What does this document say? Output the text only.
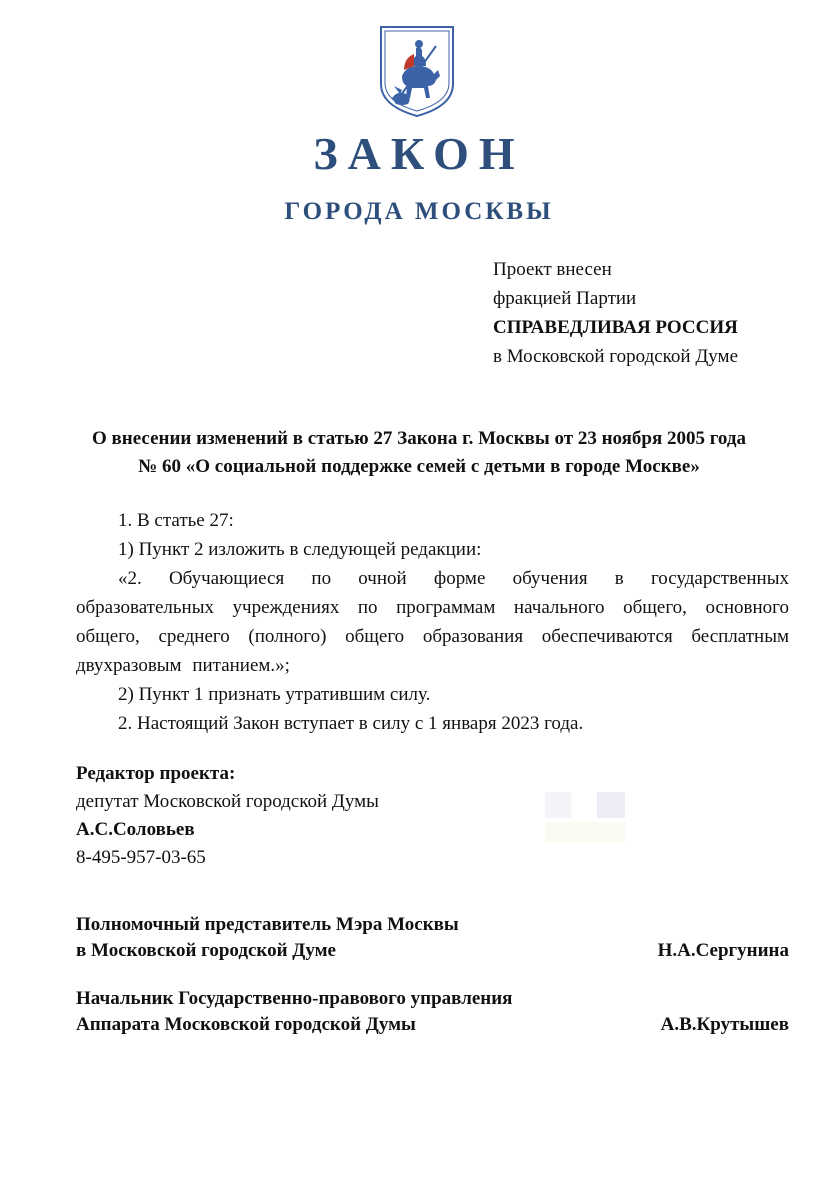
ЗАКОН
ГОРОДА МОСКВЫ
Проект внесен
фракцией Партии
СПРАВЕДЛИВАЯ РОССИЯ
в Московской городской Думе
О внесении изменений в статью 27 Закона г. Москвы от 23 ноября 2005 года
№ 60 «О социальной поддержке семей с детьми в городе Москве»

1. В статье 27:

1) Пункт 2 изложить в следующей редакции:

«2. Обучающиеся по очной форме обучения в государственных образовательных учреждениях по программам начального общего, основного общего, среднего (полного) общего образования обеспечиваются бесплатным двухразовым питанием.»;

2) Пункт 1 признать утратившим силу.

2. Настоящий Закон вступает в силу с 1 января 2023 года.

Редактор проекта:
депутат Московской городской Думы
А.С.Соловьев
8-495-957-03-65
Полномочный представитель Мэра Москвы
в Московской городской Думе	Н.А.Сергунина
Начальник Государственно-правового управления
Аппарата Московской городской Думы	А.В.Крутышев
